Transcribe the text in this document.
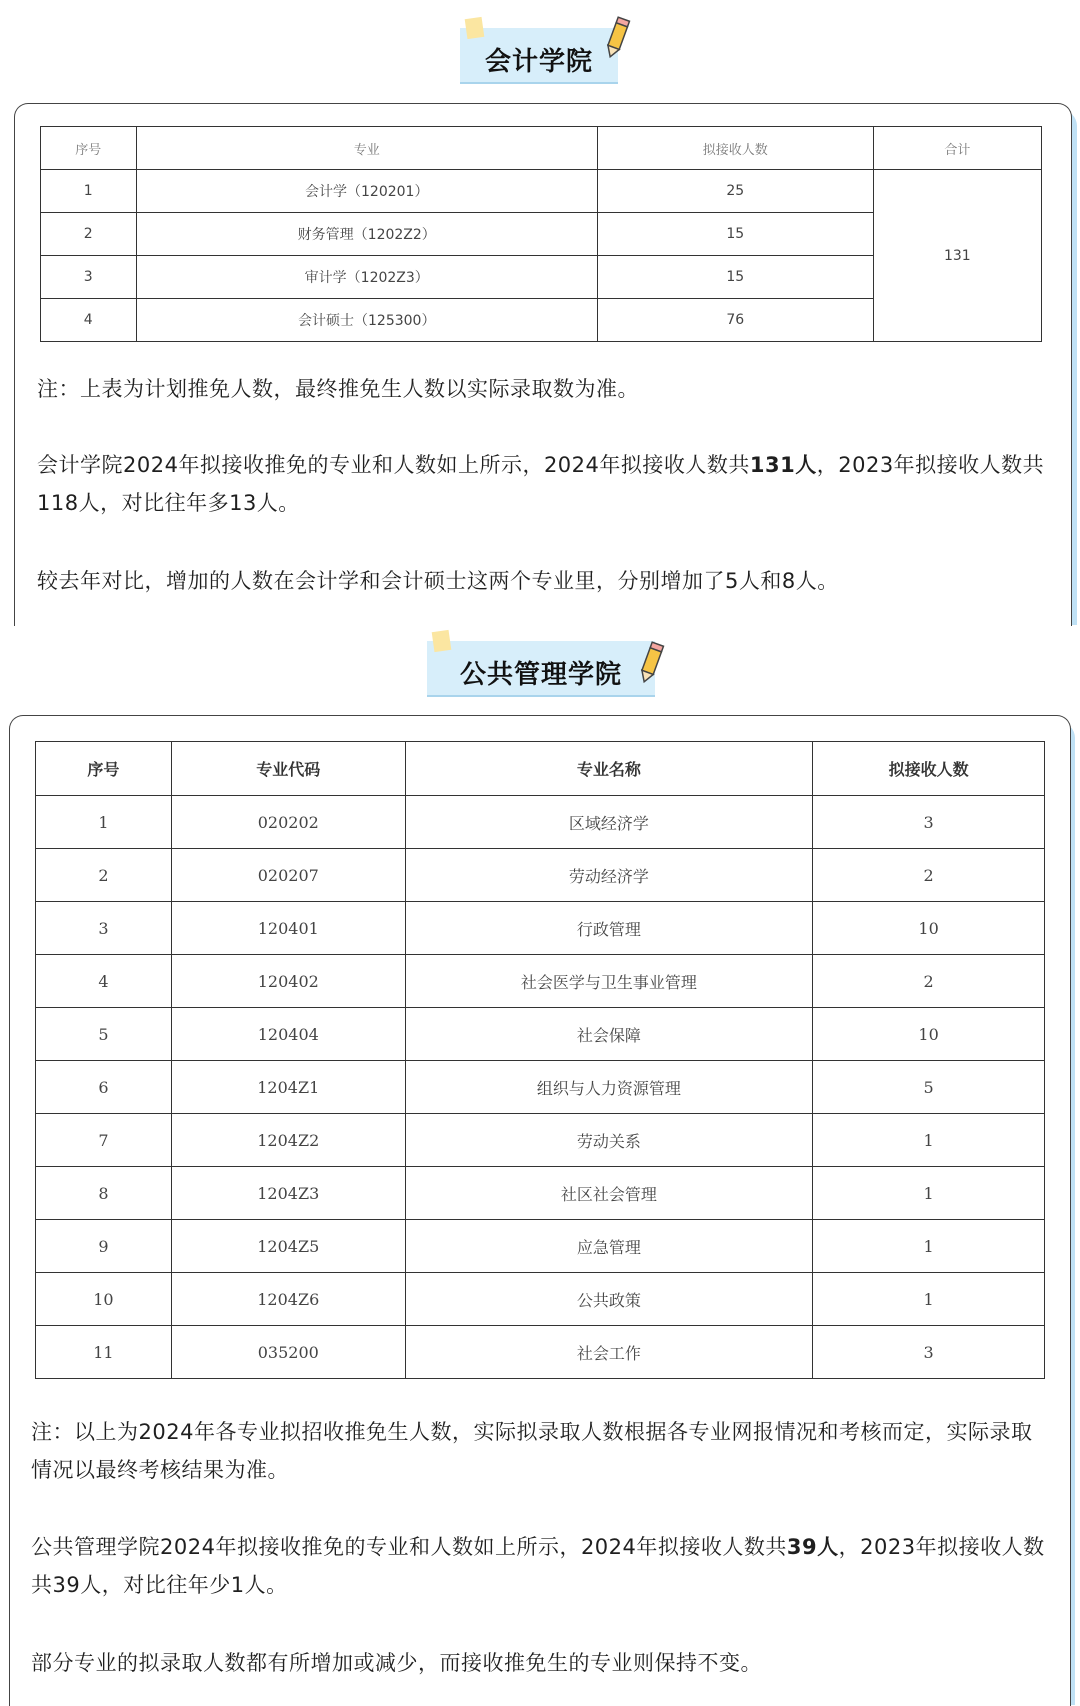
会计学院
序号	专业	拟接收人数	合计
1	会计学（120201）	25	131
2	财务管理（1202Z2）	15	
3	审计学（1202Z3）	15	
4	会计硕士（125300）	76	
注：上表为计划推免人数，最终推免生人数以实际录取数为准。
会计学院2024年拟接收推免的专业和人数如上所示，2024年拟接收人数共131人，2023年拟接收人数共118人，对比往年多13人。
较去年对比，增加的人数在会计学和会计硕士这两个专业里，分别增加了5人和8人。
公共管理学院
序号	专业代码	专业名称	拟接收人数
1	020202	区域经济学	3
2	020207	劳动经济学	2
3	120401	行政管理	10
4	120402	社会医学与卫生事业管理	2
5	120404	社会保障	10
6	1204Z1	组织与人力资源管理	5
7	1204Z2	劳动关系	1
8	1204Z3	社区社会管理	1
9	1204Z5	应急管理	1
10	1204Z6	公共政策	1
11	035200	社会工作	3
注：以上为2024年各专业拟招收推免生人数，实际拟录取人数根据各专业网报情况和考核而定，实际录取情况以最终考核结果为准。
公共管理学院2024年拟接收推免的专业和人数如上所示，2024年拟接收人数共39人，2023年拟接收人数共39人，对比往年少1人。
部分专业的拟录取人数都有所增加或减少，而接收推免生的专业则保持不变。
